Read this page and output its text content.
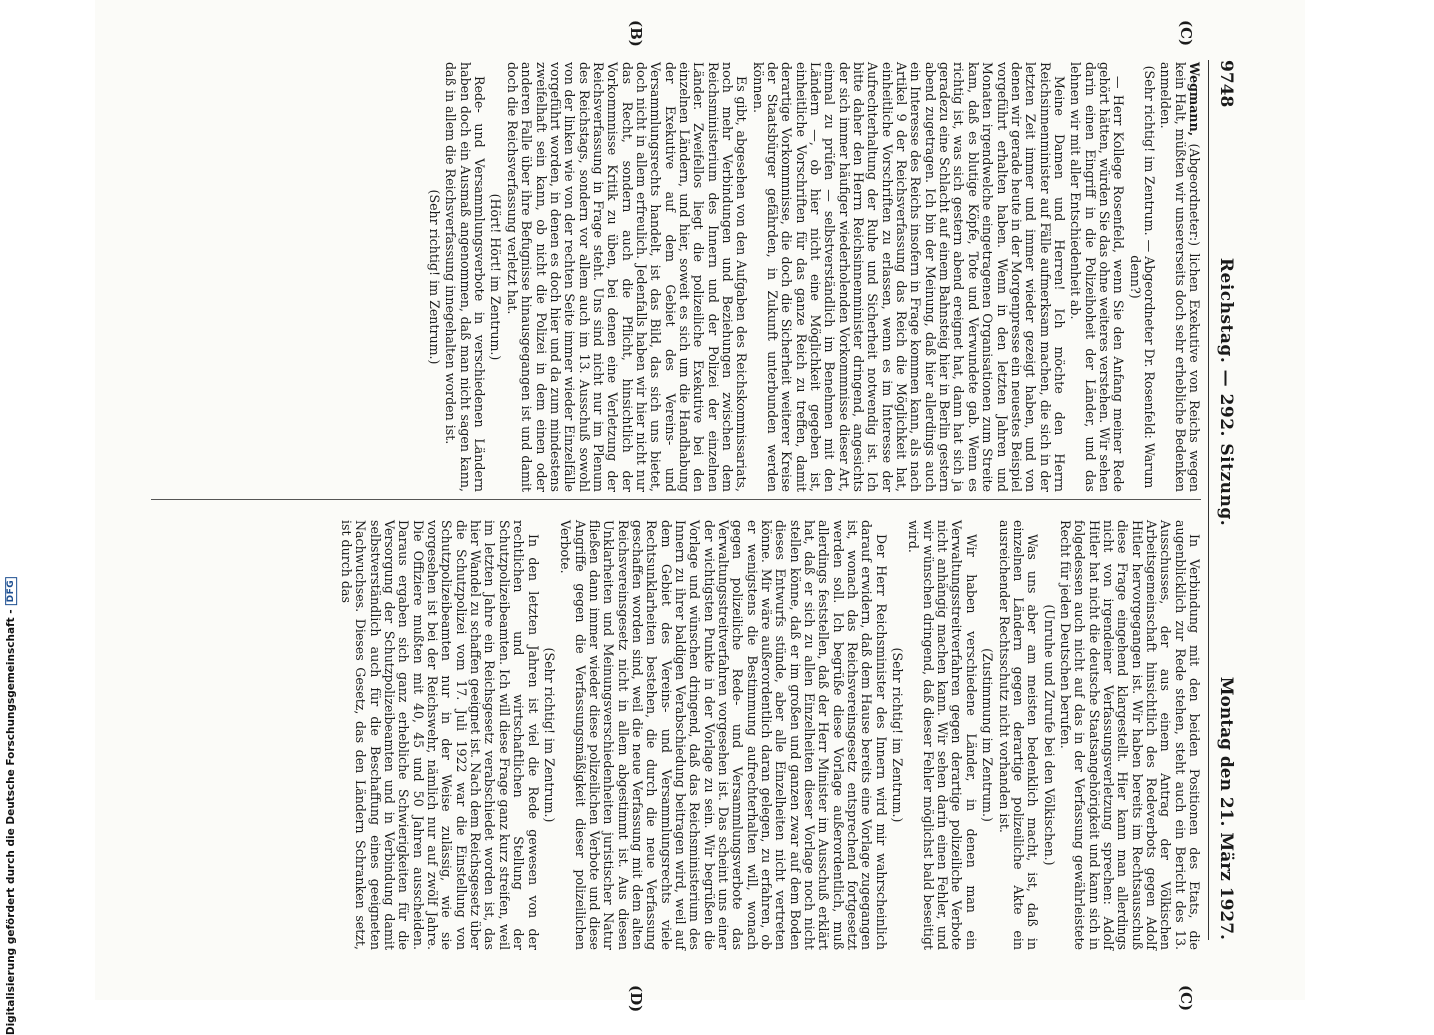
Digitalisierung gefördert durch die Deutsche Forschungsgemeinschaft -
DFG
9748
Reichstag. — 292. Sitzung.
Montag den 21. März 1927.
(C)
(C)
(B)
(D)

Wegmann, (Abgeordneter:) lichen Exekutive von Reichs wegen kein Halt, müßten wir unsererseits doch sehr erhebliche Bedenken anmelden.

(Sehr richtig! im Zentrum. — Abgeordneter Dr. Rosenfeld: Warum denn?)

— Herr Kollege Rosenfeld, wenn Sie den Anfang meiner Rede gehört hätten, würden Sie das ohne weiteres verstehen. Wir sehen darin einen Eingriff in die Polizeihoheit der Länder, und das lehnen wir mit aller Entschiedenheit ab.

Meine Damen und Herren! Ich möchte den Herrn Reichsinnenminister auf Fälle aufmerksam machen, die sich in der letzten Zeit immer und immer wieder gezeigt haben, und von denen wir gerade heute in der Morgenpresse ein neuestes Beispiel vorgeführt erhalten haben. Wenn in den letzten Jahren und Monaten irgendwelche eingetragenen Organisationen zum Streite kam, daß es blutige Köpfe, Tote und Verwundete gab. Wenn es richtig ist, was sich gestern abend ereignet hat, dann hat sich ja geradezu eine Schlacht auf einem Bahnsteig hier in Berlin gestern abend zugetragen. Ich bin der Meinung, daß hier allerdings auch ein Interesse des Reichs insofern in Frage kommen kann, als nach Artikel 9 der Reichsverfassung das Reich die Möglichkeit hat, einheitliche Vorschriften zu erlassen, wenn es im Interesse der Aufrechterhaltung der Ruhe und Sicherheit notwendig ist. Ich bitte daher den Herrn Reichsinnenminister dringend, angesichts der sich immer häufiger wiederholenden Vorkommnisse dieser Art, einmal zu prüfen — selbstverständlich im Benehmen mit den Ländern —, ob hier nicht eine Möglichkeit gegeben ist, einheitliche Vorschriften für das ganze Reich zu treffen, damit derartige Vorkommnisse, die doch die Sicherheit weiterer Kreise der Staatsbürger gefährden, in Zukunft unterbunden werden können.

Es gibt, abgesehen von den Aufgaben des Reichskommissariats, noch mehr Verbindungen und Beziehungen zwischen dem Reichsministerium des Innern und der Polizei der einzelnen Länder. Zweifellos liegt die polizeiliche Exekutive bei den einzelnen Ländern, und hier, soweit es sich um die Handhabung der Exekutive auf dem Gebiet des Vereins- und Versammlungsrechts handelt, ist das Bild, das sich uns bietet, doch nicht in allem erfreulich. Jedenfalls haben wir hier nicht nur das Recht, sondern auch die Pflicht, hinsichtlich der Vorkommnisse Kritik zu üben, bei denen eine Verletzung der Reichsverfassung in Frage steht. Uns sind nicht nur im Plenum des Reichstags, sondern vor allem auch im 13. Ausschuß sowohl von der linken wie von der rechten Seite immer wieder Einzelfälle vorgeführt worden, in denen es doch hier und da zum mindestens zweifelhaft sein kann, ob nicht die Polizei in dem einen oder anderen Falle über ihre Befugnisse hinausgegangen ist und damit doch die Reichsverfassung verletzt hat.

(Hört! Hört! im Zentrum.)

Rede- und Versammlungsverbote in verschiedenen Ländern haben doch ein Ausmaß angenommen, daß man nicht sagen kann, daß in allem die Reichsverfassung innegehalten worden ist.

(Sehr richtig! im Zentrum.)

In Verbindung mit den beiden Positionen des Etats, die augenblicklich zur Rede stehen, steht auch ein Bericht des 13. Ausschusses, der aus einem Antrag der Völkischen Arbeitsgemeinschaft hinsichtlich des Redeverbots gegen Adolf Hitler hervorgegangen ist. Wir haben bereits im Rechtsausschuß diese Frage eingehend klargestellt. Hier kann man allerdings nicht von irgendeiner Verfassungsverletzung sprechen: Adolf Hitler hat nicht die deutsche Staatsangehörigkeit und kann sich in folgedessen auch nicht auf das in der Verfassung gewährleistete Recht für jeden Deutschen berufen.

(Unruhe und Zurufe bei den Völkischen.)

Was uns aber am meisten bedenklich macht, ist, daß in einzelnen Ländern gegen derartige polizeiliche Akte ein ausreichender Rechtsschutz nicht vorhanden ist.

(Zustimmung im Zentrum.)

Wir haben verschiedene Länder, in denen man ein Verwaltungsstreitverfahren gegen derartige polizeiliche Verbote nicht anhängig machen kann. Wir sehen darin einen Fehler, und wir wünschen dringend, daß dieser Fehler möglichst bald beseitigt wird.

(Sehr richtig! im Zentrum.)

Der Herr Reichsminister des Innern wird mir wahrscheinlich darauf erwidern, daß dem Hause bereits eine Vorlage zugegangen ist, wonach das Reichsvereinsgesetz entsprechend fortgesetzt werden soll. Ich begrüße diese Vorlage außerordentlich, muß allerdings feststellen, daß der Herr Minister im Ausschuß erklärt hat, daß er sich zu allen Einzelheiten dieser Vorlage noch nicht stellen könne, daß er im großen und ganzen zwar auf dem Boden dieses Entwurfs stünde, aber alle Einzelheiten nicht vertreten könne. Mir wäre außerordentlich daran gelegen, zu erfahren, ob er wenigstens die Bestimmung aufrechterhalten will, wonach gegen polizeiliche Rede- und Versammlungsverbote das Verwaltungsstreitverfahren vorgesehen ist. Das scheint uns einer der wichtigsten Punkte in der Vorlage zu sein. Wir begrüßen die Vorlage und wünschen dringend, daß das Reichsministerium des Innern zu ihrer baldigen Verabschiedung beitragen wird, weil auf dem Gebiet des Vereins- und Versammlungsrechts viele Rechtsunklarheiten bestehen, die durch die neue Verfassung geschaffen worden sind, weil die neue Verfassung mit dem alten Reichsvereinsgesetz nicht in allem abgestimmt ist. Aus diesen Unklarheiten und Meinungsverschiedenheiten juristischer Natur fließen dann immer wieder diese polizeilichen Verbote und diese Angriffe gegen die Verfassungsmäßigkeit dieser polizeilichen Verbote.

(Sehr richtig! im Zentrum.)

In den letzten Jahren ist viel die Rede gewesen von der rechtlichen und wirtschaftlichen Stellung der Schutzpolizeibeamten. Ich will diese Frage ganz kurz streifen, weil im letzten Jahre ein Reichsgesetz verabschiedet worden ist, das hier Wandel zu schaffen geeignet ist. Nach dem Reichsgesetz über die Schutzpolizei vom 17. Juli 1922 war die Einstellung von Schutzpolizeibeamten nur in der Weise zulässig, wie sie vorgesehen ist bei der Reichswehr, nämlich nur auf zwölf Jahre. Die Offiziere mußten mit 40, 45 und 50 Jahren ausscheiden. Daraus ergaben sich ganz erhebliche Schwierigkeiten für die Versorgung der Schutzpolizeibeamten und in Verbindung damit selbstverständlich auch für die Beschaffung eines geeigneten Nachwuchses. Dieses Gesetz, das den Ländern Schranken setzt, ist durch das
